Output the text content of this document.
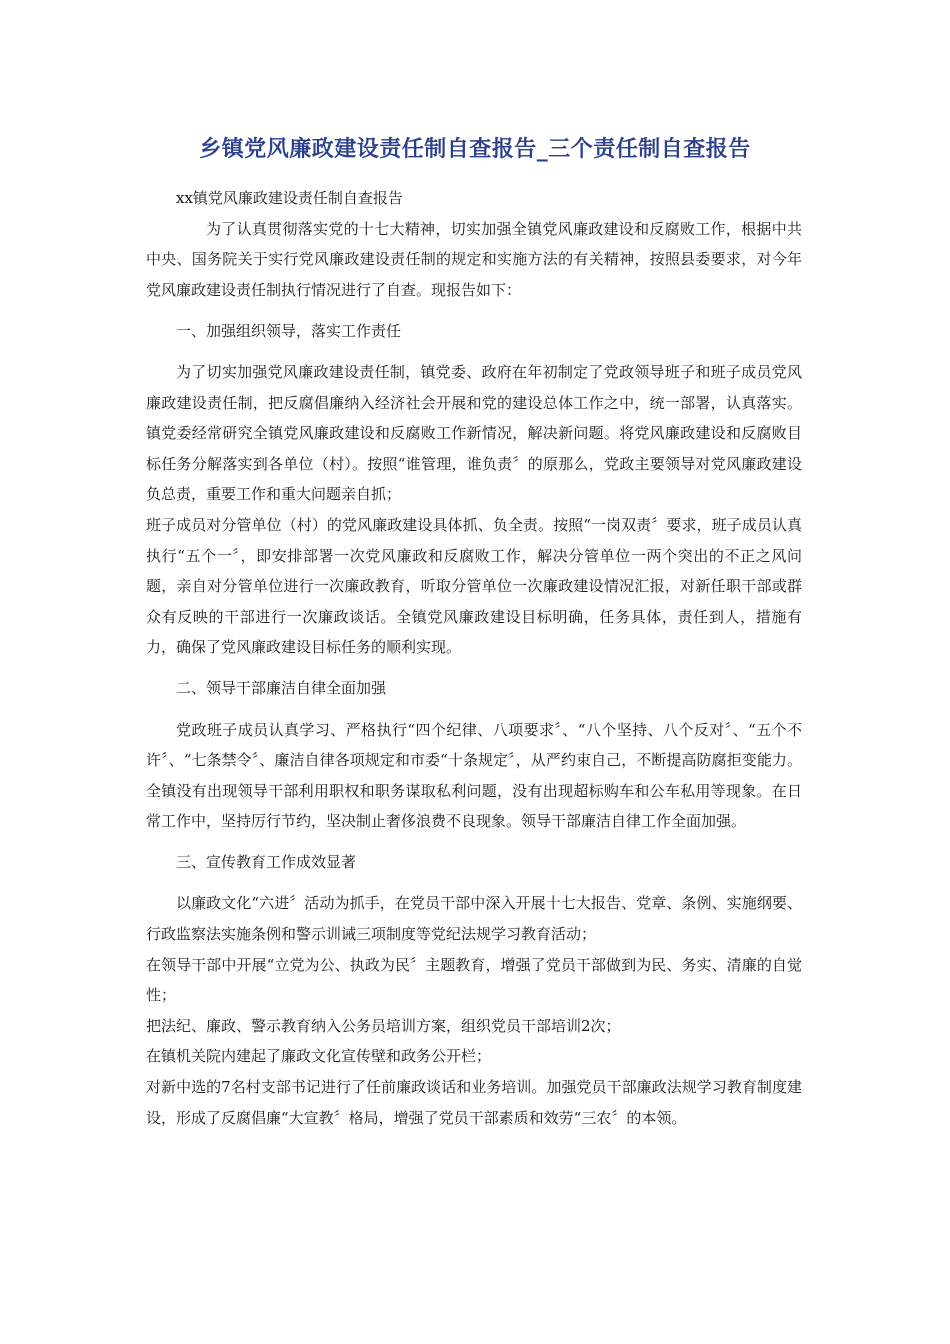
乡镇党风廉政建设责任制自查报告_三个责任制自查报告

xx镇党风廉政建设责任制自查报告

为了认真贯彻落实党的十七大精神，切实加强全镇党风廉政建设和反腐败工作，根据中共中央、国务院关于实行党风廉政建设责任制的规定和实施方法的有关精神，按照县委要求，对今年党风廉政建设责任制执行情况进行了自查。现报告如下：

一、加强组织领导，落实工作责任

为了切实加强党风廉政建设责任制，镇党委、政府在年初制定了党政领导班子和班子成员党风廉政建设责任制，把反腐倡廉纳入经济社会开展和党的建设总体工作之中，统一部署，认真落实。镇党委经常研究全镇党风廉政建设和反腐败工作新情况，解决新问题。将党风廉政建设和反腐败目标任务分解落实到各单位（村）。按照“谁管理，谁负责〞的原那么，党政主要领导对党风廉政建设负总责，重要工作和重大问题亲自抓；

班子成员对分管单位（村）的党风廉政建设具体抓、负全责。按照“一岗双责〞要求，班子成员认真执行“五个一〞，即安排部署一次党风廉政和反腐败工作，解决分管单位一两个突出的不正之风问题，亲自对分管单位进行一次廉政教育，听取分管单位一次廉政建设情况汇报，对新任职干部或群众有反映的干部进行一次廉政谈话。全镇党风廉政建设目标明确，任务具体，责任到人，措施有力，确保了党风廉政建设目标任务的顺利实现。

二、领导干部廉洁自律全面加强

党政班子成员认真学习、严格执行“四个纪律、八项要求〞、“八个坚持、八个反对〞、“五个不许〞、“七条禁令〞、廉洁自律各项规定和市委“十条规定〞，从严约束自己，不断提高防腐拒变能力。全镇没有出现领导干部利用职权和职务谋取私利问题，没有出现超标购车和公车私用等现象。在日常工作中，坚持厉行节约，坚决制止奢侈浪费不良现象。领导干部廉洁自律工作全面加强。

三、宣传教育工作成效显著

以廉政文化“六进〞活动为抓手，在党员干部中深入开展十七大报告、党章、条例、实施纲要、行政监察法实施条例和警示训诫三项制度等党纪法规学习教育活动；

在领导干部中开展“立党为公、执政为民〞主题教育，增强了党员干部做到为民、务实、清廉的自觉性；

把法纪、廉政、警示教育纳入公务员培训方案，组织党员干部培训2次；

在镇机关院内建起了廉政文化宣传壁和政务公开栏；

对新中选的7名村支部书记进行了任前廉政谈话和业务培训。加强党员干部廉政法规学习教育制度建设，形成了反腐倡廉“大宣教〞格局，增强了党员干部素质和效劳“三农〞的本领。
